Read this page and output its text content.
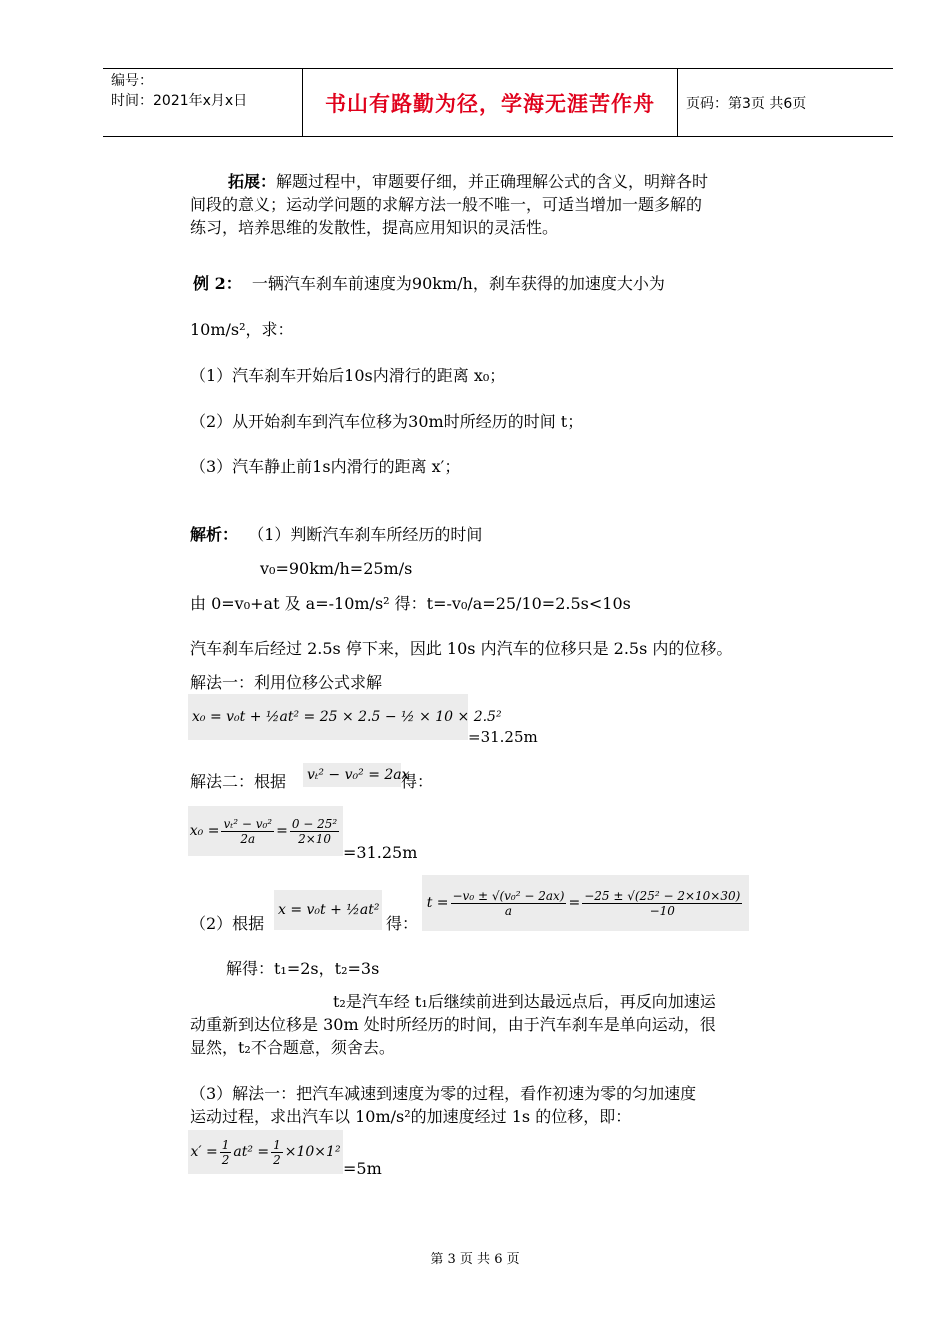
编号：
时间：2021年x月x日	书山有路勤为径，学海无涯苦作舟	页码：第3页 共6页
拓展：解题过程中，审题要仔细，并正确理解公式的含义，明辩各时
间段的意义；运动学问题的求解方法一般不唯一，可适当增加一题多解的
练习，培养思维的发散性，提高应用知识的灵活性。
例 2： 一辆汽车刹车前速度为90km/h，刹车获得的加速度大小为
10m/s²，求：
（1）汽车刹车开始后10s内滑行的距离 x₀；
（2）从开始刹车到汽车位移为30m时所经历的时间 t；
（3）汽车静止前1s内滑行的距离 x′；
解析： （1）判断汽车刹车所经历的时间
v₀=90km/h=25m/s
由 0=v₀+at 及 a=-10m/s² 得：t=-v₀/a=25/10=2.5s<10s
汽车刹车后经过 2.5s 停下来，因此 10s 内汽车的位移只是 2.5s 内的位移。
解法一：利用位移公式求解
x₀ = v₀t + ½at² = 25 × 2.5 − ½ × 10 × 2.5²
=31.25m
解法二：根据 vₜ² − v₀² = 2ax
得：
$x_0 = \frac{\text{vₜ² − v₀²}}{2a} = \frac{\text{0 − 25²}}{2\times 10}$
=31.25m
（2）根据
x = v₀t + ½at²
得：
$t = \frac{\text{−v₀ ± √(v₀² − 2ax)}}{a} = \frac{\text{−25 ± √(25² − 2×10×30)}}{-10}$
解得：t₁=2s，t₂=3s
t₂是汽车经 t₁后继续前进到达最远点后，再反向加速运
动重新到达位移是 30m 处时所经历的时间，由于汽车刹车是单向运动，很
显然，t₂不合题意，须舍去。
（3）解法一：把汽车减速到速度为零的过程，看作初速为零的匀加速度
运动过程，求出汽车以 10m/s²的加速度经过 1s 的位移，即：
$x' = \frac{1}{2} at^2 = \frac{1}{2} \times 10\times 1^2$
=5m
第 3 页 共 6 页
